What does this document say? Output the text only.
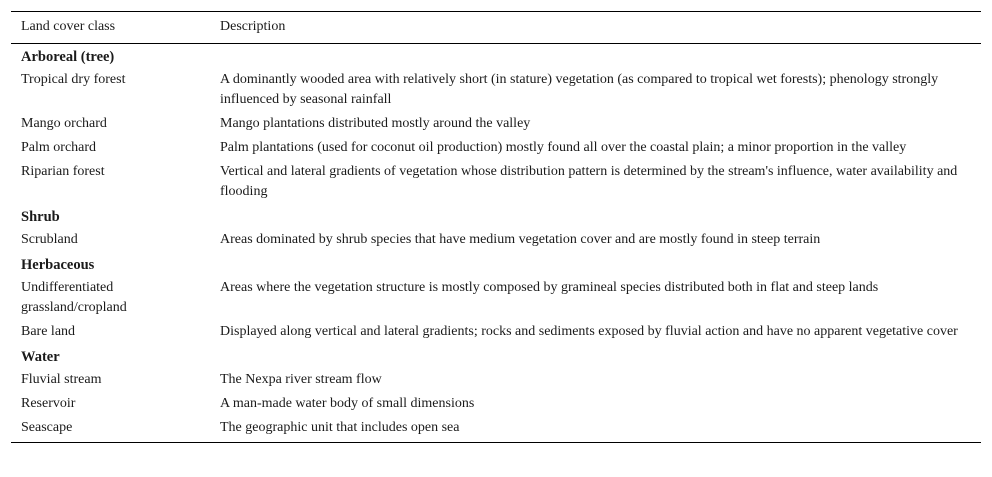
Land cover class	Description
Arboreal (tree)	
Tropical dry forest	A dominantly wooded area with relatively short (in stature) vegetation (as compared to tropical wet forests); phenology strongly influenced by seasonal rainfall
Mango orchard	Mango plantations distributed mostly around the valley
Palm orchard	Palm plantations (used for coconut oil production) mostly found all over the coastal plain; a minor proportion in the valley
Riparian forest	Vertical and lateral gradients of vegetation whose distribution pattern is determined by the stream's influence, water availability and flooding
Shrub	
Scrubland	Areas dominated by shrub species that have medium vegetation cover and are mostly found in steep terrain
Herbaceous	
Undifferentiated grassland/cropland	Areas where the vegetation structure is mostly composed by gramineal species distributed both in flat and steep lands
Bare land	Displayed along vertical and lateral gradients; rocks and sediments exposed by fluvial action and have no apparent vegetative cover
Water	
Fluvial stream	The Nexpa river stream flow
Reservoir	A man-made water body of small dimensions
Seascape	The geographic unit that includes open sea
